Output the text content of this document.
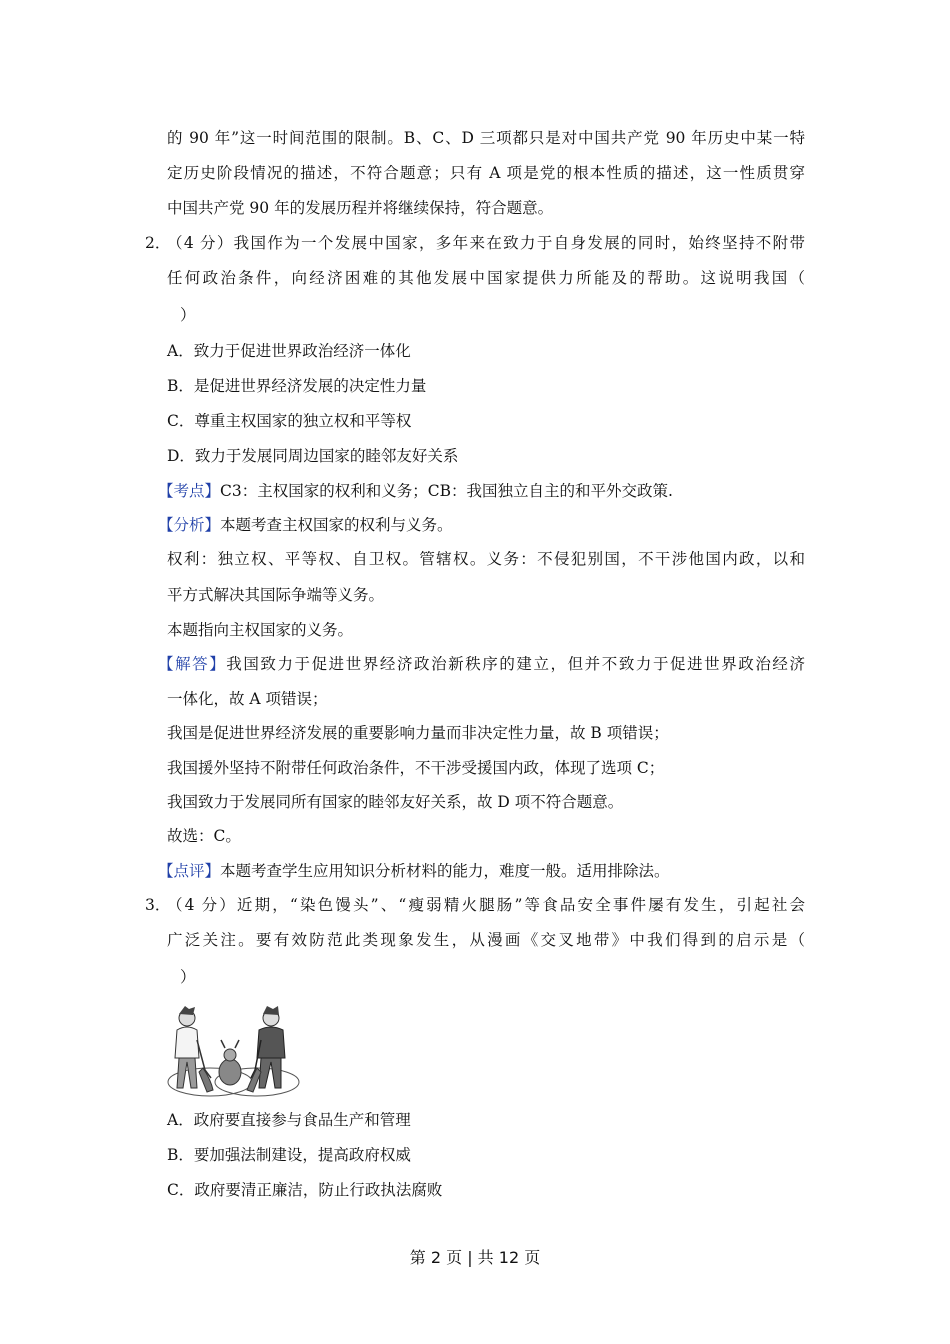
的 90 年”这一时间范围的限制。B、C、D 三项都只是对中国共产党 90 年历史中某一特
定历史阶段情况的描述，不符合题意；只有 A 项是党的根本性质的描述，这一性质贯穿
中国共产党 90 年的发展历程并将继续保持，符合题意。
2．
（4 分）我国作为一个发展中国家，多年来在致力于自身发展的同时，始终坚持不附带
任何政治条件，向经济困难的其他发展中国家提供力所能及的帮助。这说明我国（
）
A．致力于促进世界政治经济一体化
B．是促进世界经济发展的决定性力量
C．尊重主权国家的独立权和平等权
D．致力于发展同周边国家的睦邻友好关系
【考点】C3：主权国家的权利和义务；CB：我国独立自主的和平外交政策.
【分析】本题考查主权国家的权利与义务。
权利：独立权、平等权、自卫权。管辖权。义务：不侵犯别国，不干涉他国内政，以和
平方式解决其国际争端等义务。
本题指向主权国家的义务。
【解答】我国致力于促进世界经济政治新秩序的建立，但并不致力于促进世界政治经济
一体化，故 A 项错误；
我国是促进世界经济发展的重要影响力量而非决定性力量，故 B 项错误；
我国援外坚持不附带任何政治条件，不干涉受援国内政，体现了选项 C；
我国致力于发展同所有国家的睦邻友好关系，故 D 项不符合题意。
故选：C。
【点评】本题考查学生应用知识分析材料的能力，难度一般。适用排除法。
3．
（4 分）近期，“染色馒头”、“瘦弱精火腿肠”等食品安全事件屡有发生，引起社会
广泛关注。要有效防范此类现象发生，从漫画《交叉地带》中我们得到的启示是（
）
A．政府要直接参与食品生产和管理
B．要加强法制建设，提高政府权威
C．政府要清正廉洁，防止行政执法腐败
第 2 页 | 共 12 页
